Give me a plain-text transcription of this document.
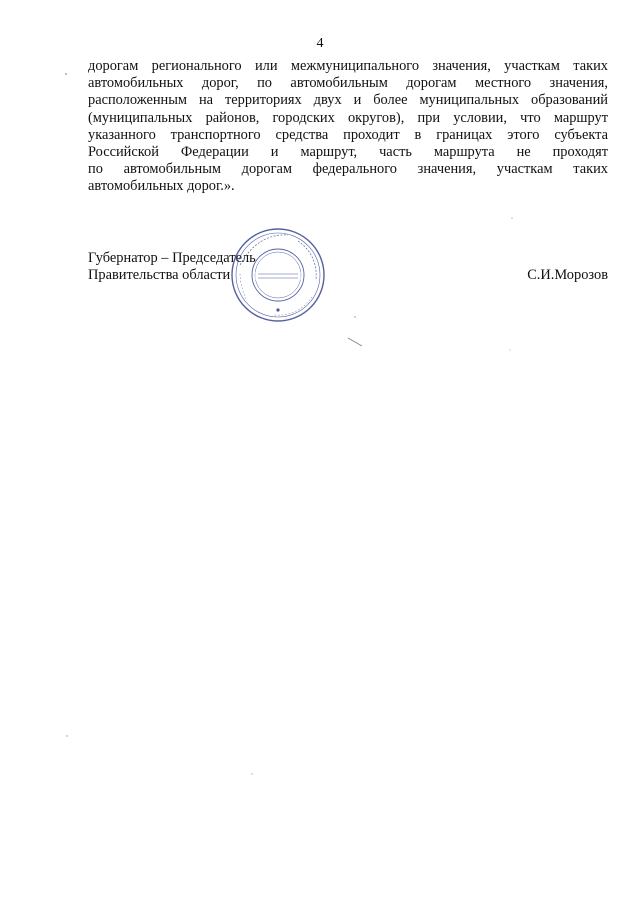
4

дорогам регионального или межмуниципального значения, участкам таких
автомобильных дорог, по автомобильным дорогам местного значения,
расположенным на территориях двух и более муниципальных образований
(муниципальных районов, городских округов), при условии, что маршрут
указанного транспортного средства проходит в границах этого субъекта
Российской Федерации и маршрут, часть маршрута не проходят
по автомобильным дорогам федерального значения, участкам таких
автомобильных дорог.».

Губернатор – Председатель
Правительства области	С.И.Морозов
